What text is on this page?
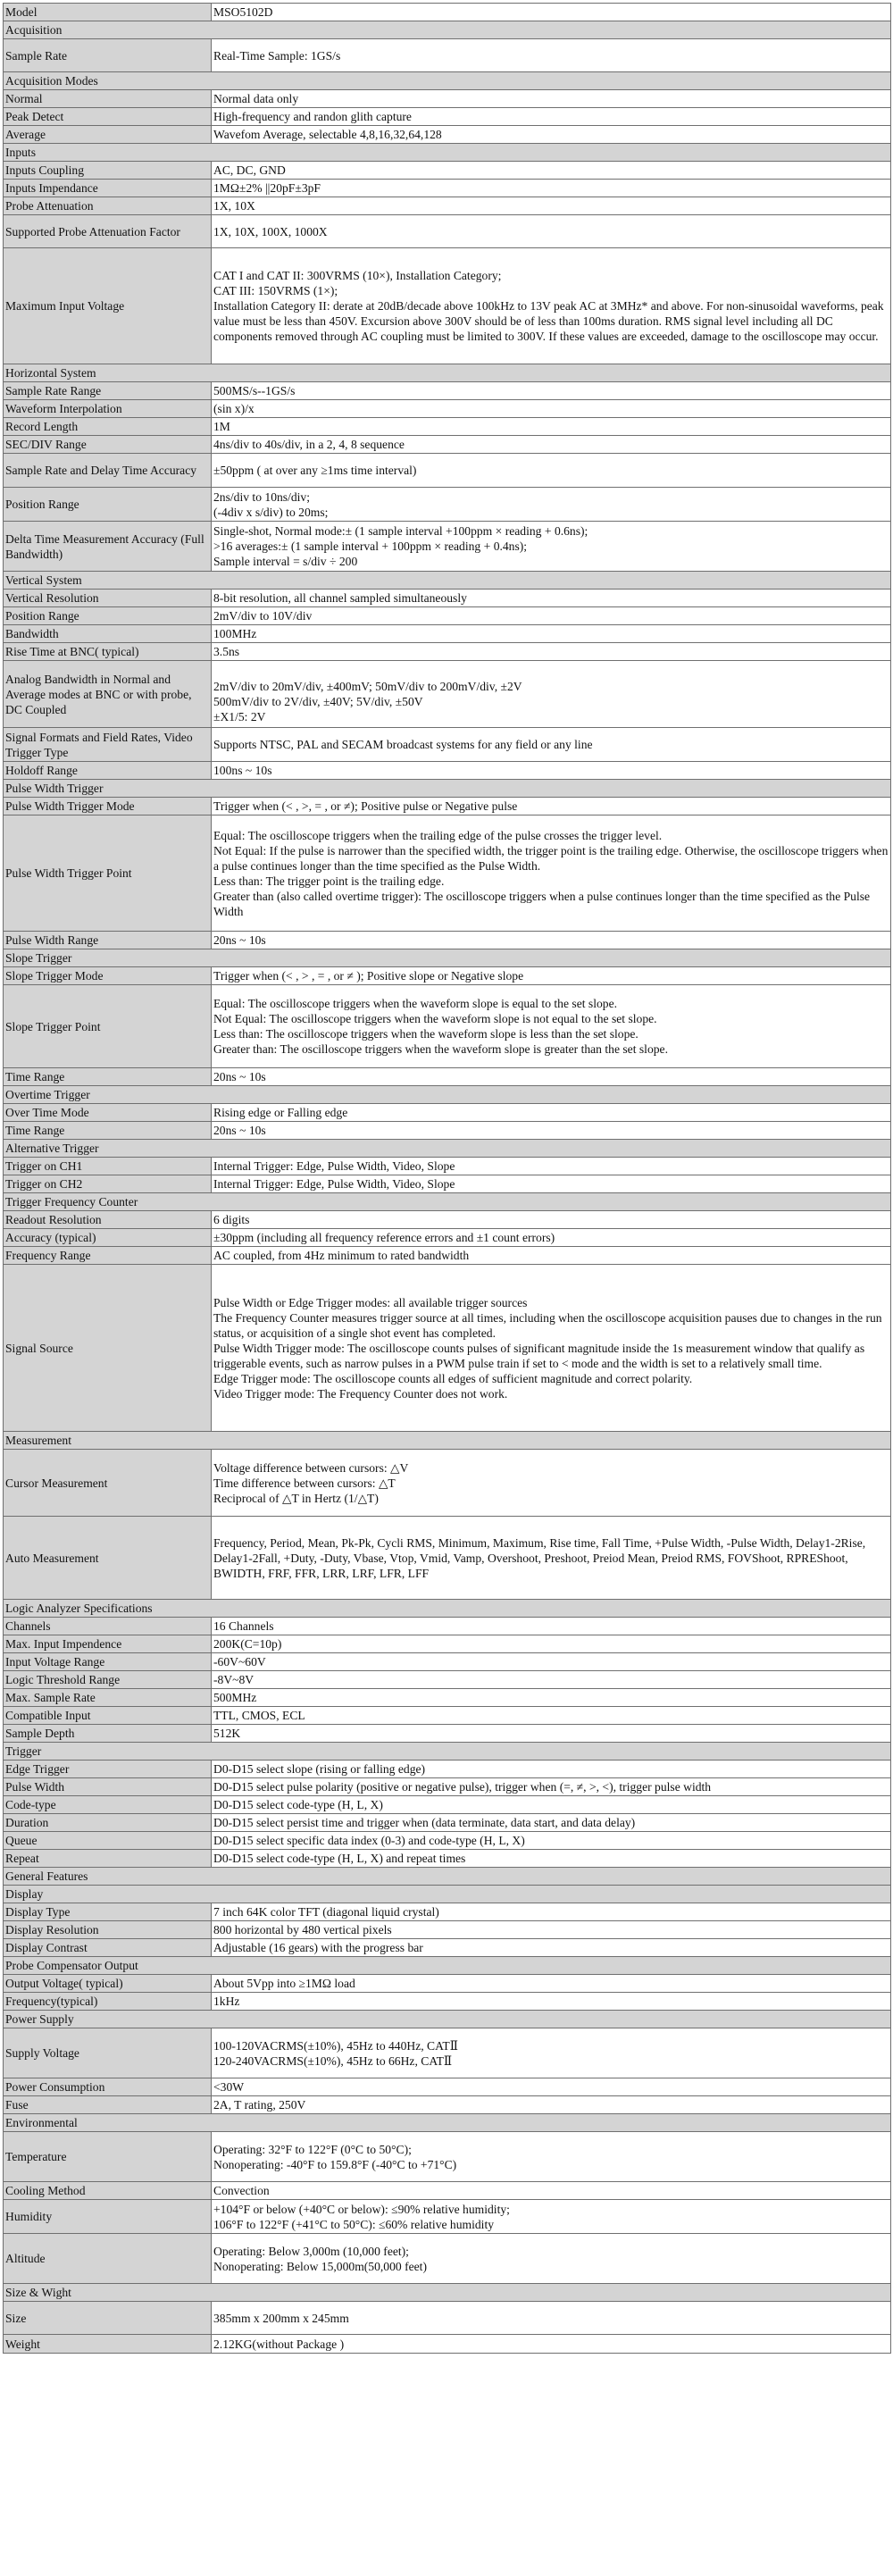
Model	MSO5102D

Acquisition	
Sample Rate	Real-Time Sample: 1GS/s

Acquisition Modes	
Normal	Normal data only

Peak Detect	High-frequency and randon glith capture

Average	Wavefom Average, selectable 4,8,16,32,64,128

Inputs	
Inputs Coupling	AC, DC, GND

Inputs Impendance	1MΩ±2% ||20pF±3pF

Probe Attenuation	1X, 10X

Supported Probe Attenuation Factor	1X, 10X, 100X, 1000X

Maximum Input Voltage	CAT I and CAT II: 300VRMS (10×), Installation Category;
CAT III: 150VRMS (1×);
Installation Category II: derate at 20dB/decade above 100kHz to 13V peak AC at 3MHz* and above. For non-sinusoidal waveforms, peak value must be less than 450V. Excursion above 300V should be of less than 100ms duration. RMS signal level including all DC components removed through AC coupling must be limited to 300V. If these values are exceeded, damage to the oscilloscope may occur.

Horizontal System	
Sample Rate Range	500MS/s--1GS/s

Waveform Interpolation	(sin x)/x

Record Length	1M

SEC/DIV Range	4ns/div to 40s/div, in a 2, 4, 8 sequence

Sample Rate and Delay Time Accuracy	±50ppm ( at over any ≥1ms time interval)

Position Range	2ns/div to 10ns/div;
(-4div x s/div) to 20ms;

Delta Time Measurement Accuracy (Full Bandwidth)	Single-shot, Normal mode:± (1 sample interval +100ppm × reading + 0.6ns);
>16 averages:± (1 sample interval + 100ppm × reading + 0.4ns);
Sample interval = s/div ÷ 200

Vertical System	
Vertical Resolution	8-bit resolution, all channel sampled simultaneously

Position Range	2mV/div to 10V/div

Bandwidth	100MHz

Rise Time at BNC( typical)	3.5ns

Analog Bandwidth in Normal and Average modes at BNC or with probe, DC Coupled	2mV/div to 20mV/div, ±400mV; 50mV/div to 200mV/div, ±2V
500mV/div to 2V/div, ±40V; 5V/div, ±50V
±X1/5: 2V

Signal Formats and Field Rates, Video Trigger Type	Supports NTSC, PAL and SECAM broadcast systems for any field or any line

Holdoff Range	100ns ~ 10s

Pulse Width Trigger	
Pulse Width Trigger Mode	Trigger when (< , >, = , or ≠); Positive pulse or Negative pulse

Pulse Width Trigger Point	Equal: The oscilloscope triggers when the trailing edge of the pulse crosses the trigger level.
Not Equal: If the pulse is narrower than the specified width, the trigger point is the trailing edge. Otherwise, the oscilloscope triggers when a pulse continues longer than the time specified as the Pulse Width.
Less than: The trigger point is the trailing edge.
Greater than (also called overtime trigger): The oscilloscope triggers when a pulse continues longer than the time specified as the Pulse Width

Pulse Width Range	20ns ~ 10s

Slope Trigger	
Slope Trigger Mode	Trigger when (< , > , = , or ≠ ); Positive slope or Negative slope

Slope Trigger Point	Equal: The oscilloscope triggers when the waveform slope is equal to the set slope.
Not Equal: The oscilloscope triggers when the waveform slope is not equal to the set slope.
Less than: The oscilloscope triggers when the waveform slope is less than the set slope.
Greater than: The oscilloscope triggers when the waveform slope is greater than the set slope.

Time Range	20ns ~ 10s

Overtime Trigger	
Over Time Mode	Rising edge or Falling edge

Time Range	20ns ~ 10s

Alternative Trigger	
Trigger on CH1	Internal Trigger: Edge, Pulse Width, Video, Slope

Trigger on CH2	Internal Trigger: Edge, Pulse Width, Video, Slope

Trigger Frequency Counter	
Readout Resolution	6 digits

Accuracy (typical)	±30ppm (including all frequency reference errors and ±1 count errors)

Frequency Range	AC coupled, from 4Hz minimum to rated bandwidth

Signal Source	Pulse Width or Edge Trigger modes: all available trigger sources
The Frequency Counter measures trigger source at all times, including when the oscilloscope acquisition pauses due to changes in the run status, or acquisition of a single shot event has completed.
Pulse Width Trigger mode: The oscilloscope counts pulses of significant magnitude inside the 1s measurement window that qualify as triggerable events, such as narrow pulses in a PWM pulse train if set to < mode and the width is set to a relatively small time.
Edge Trigger mode: The oscilloscope counts all edges of sufficient magnitude and correct polarity.
Video Trigger mode: The Frequency Counter does not work.

Measurement	
Cursor Measurement	Voltage difference between cursors: △V
Time difference between cursors: △T
Reciprocal of △T in Hertz (1/△T)

Auto Measurement	Frequency, Period, Mean, Pk-Pk, Cycli RMS, Minimum, Maximum, Rise time, Fall Time, +Pulse Width, -Pulse Width, Delay1-2Rise, Delay1-2Fall, +Duty, -Duty, Vbase, Vtop, Vmid, Vamp, Overshoot, Preshoot, Preiod Mean, Preiod RMS, FOVShoot, RPREShoot, BWIDTH, FRF, FFR, LRR, LRF, LFR, LFF

Logic Analyzer Specifications	
Channels	16 Channels

Max. Input Impendence	200K(C=10p)

Input Voltage Range	-60V~60V

Logic Threshold Range	-8V~8V

Max. Sample Rate	500MHz

Compatible Input	TTL, CMOS, ECL

Sample Depth	512K

Trigger	
Edge Trigger	D0-D15 select slope (rising or falling edge)

Pulse Width	D0-D15 select pulse polarity (positive or negative pulse), trigger when (=, ≠, >, <), trigger pulse width

Code-type	D0-D15 select code-type (H, L, X)

Duration	D0-D15 select persist time and trigger when (data terminate, data start, and data delay)

Queue	D0-D15 select specific data index (0-3) and code-type (H, L, X)

Repeat	D0-D15 select code-type (H, L, X) and repeat times

General Features	
Display	
Display Type	7 inch 64K color TFT (diagonal liquid crystal)

Display Resolution	800 horizontal by 480 vertical pixels

Display Contrast	Adjustable (16 gears) with the progress bar

Probe Compensator Output	
Output Voltage( typical)	About 5Vpp into ≥1MΩ load

Frequency(typical)	1kHz

Power Supply	
Supply Voltage	100-120VACRMS(±10%), 45Hz to 440Hz, CATⅡ
120-240VACRMS(±10%), 45Hz to 66Hz, CATⅡ

Power Consumption	<30W

Fuse	2A, T rating, 250V

Environmental	
Temperature	Operating: 32°F to 122°F (0°C to 50°C);
Nonoperating: -40°F to 159.8°F (-40°C to +71°C)

Cooling Method	Convection

Humidity	+104°F or below (+40°C or below): ≤90% relative humidity;
106°F to 122°F (+41°C to 50°C): ≤60% relative humidity

Altitude	Operating: Below 3,000m (10,000 feet);
Nonoperating: Below 15,000m(50,000 feet)

Size & Wight	
Size	385mm x 200mm x 245mm

Weight	2.12KG(without Package )
